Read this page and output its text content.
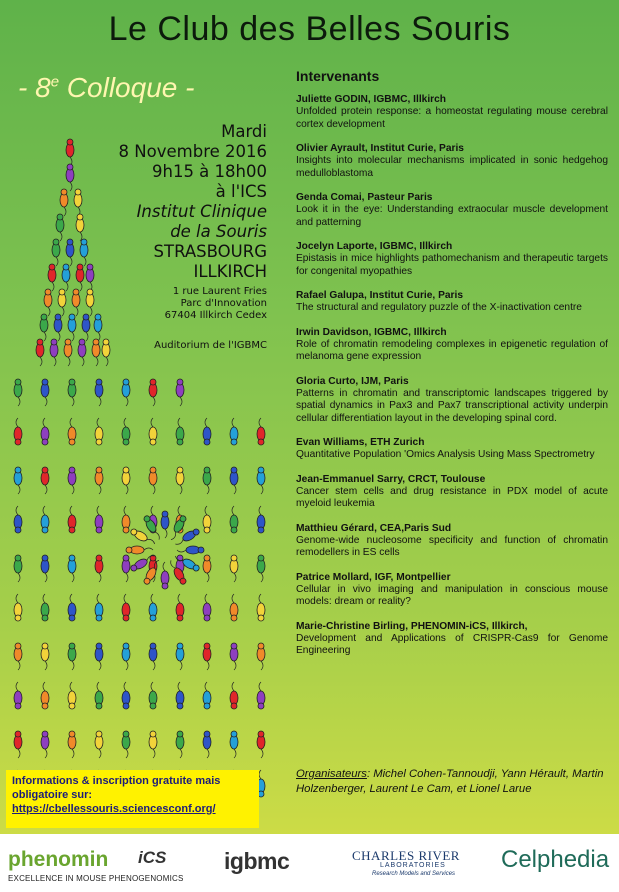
Le Club des Belles Souris
- 8e Colloque -
Mardi
8 Novembre 2016
9h15 à 18h00
à l'ICS
Institut Clinique
de la Souris
STRASBOURG
ILLKIRCH
1 rue Laurent Fries
Parc d'Innovation
67404 Illkirch Cedex
Auditorium de l'IGBMC
Intervenants
Juliette GODIN, IGBMC, Illkirch
Unfolded protein response: a homeostat regulating mouse cerebral cortex development
Olivier Ayrault, Institut Curie, Paris
Insights into molecular mechanisms implicated in sonic hedgehog medulloblastoma
Genda Comai, Pasteur Paris
Look it in the eye: Understanding extraocular muscle development and patterning
Jocelyn Laporte, IGBMC, Illkirch
Epistasis in mice highlights pathomechanism and therapeutic targets for congenital myopathies
Rafael Galupa, Institut Curie, Paris
The structural and regulatory puzzle of the X-inactivation centre
Irwin Davidson, IGBMC, Illkirch
Role of chromatin remodeling complexes in epigenetic regulation of melanoma gene expression
Gloria Curto, IJM, Paris
Patterns in chromatin and transcriptomic landscapes triggered by spatial dynamics in Pax3 and Pax7 transcriptional activity underpin cellular differentiation layout in the developing spinal cord.
Evan Williams, ETH Zurich
Quantitative Population 'Omics Analysis Using Mass Spectrometry
Jean-Emmanuel Sarry, CRCT, Toulouse
Cancer stem cells and drug resistance in PDX model of acute myeloid leukemia
Matthieu Gérard, CEA,Paris Sud
Genome-wide nucleosome specificity and function of chromatin remodellers in ES cells
Patrice Mollard, IGF, Montpellier
Cellular in vivo imaging and manipulation in conscious mouse models: dream or reality?
Marie-Christine Birling, PHENOMIN-iCS, Illkirch,
Development and Applications of CRISPR-Cas9 for Genome Engineering
Organisateurs: Michel Cohen-Tannoudji, Yann Hérault, Martin Holzenberger, Laurent Le Cam, et Lionel Larue
Informations & inscription gratuite mais obligatoire sur:
https://cbellessouris.sciencesconf.org/
phenomin
EXCELLENCE IN MOUSE PHENOGENOMICS
iCS	igbmc	CHARLES RIVER
LABORATORIES
Research Models and Services
Celphedia
